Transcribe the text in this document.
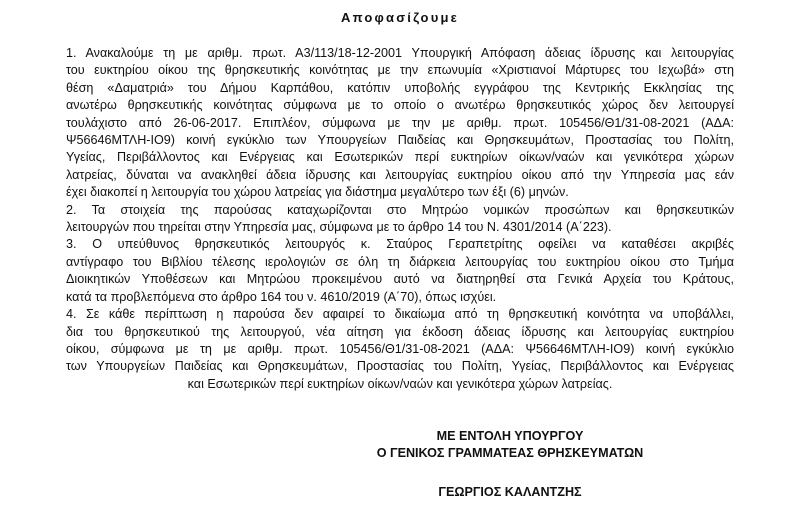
Αποφασίζουμε
1. Ανακαλούμε τη με αριθμ. πρωτ. Α3/113/18-12-2001 Υπουργική Απόφαση άδειας ίδρυσης και λειτουργίας
του ευκτηρίου οίκου της θρησκευτικής κοινότητας με την επωνυμία «Χριστιανοί Μάρτυρες του Ιεχωβά» στη
θέση «Δαματριά» του Δήμου Καρπάθου, κατόπιν υποβολής εγγράφου της Κεντρικής Εκκλησίας της
ανωτέρω θρησκευτικής κοινότητας σύμφωνα με το οποίο ο ανωτέρω θρησκευτικός χώρος δεν λειτουργεί
τουλάχιστο από 26-06-2017. Επιπλέον, σύμφωνα με την με αριθμ. πρωτ. 105456/Θ1/31-08-2021 (ΑΔΑ:
Ψ56646ΜΤΛΗ-ΙΟ9) κοινή εγκύκλιο των Υπουργείων Παιδείας και Θρησκευμάτων, Προστασίας του Πολίτη,
Υγείας, Περιβάλλοντος και Ενέργειας και Εσωτερικών περί ευκτηρίων οίκων/ναών και γενικότερα χώρων
λατρείας, δύναται να ανακληθεί άδεια ίδρυσης και λειτουργίας ευκτηρίου οίκου από την Υπηρεσία μας εάν
έχει διακοπεί η λειτουργία του χώρου λατρείας για διάστημα μεγαλύτερο των έξι (6) μηνών.
2. Τα στοιχεία της παρούσας καταχωρίζονται στο Μητρώο νομικών προσώπων και θρησκευτικών
λειτουργών που τηρείται στην Υπηρεσία μας, σύμφωνα με το άρθρο 14 του Ν. 4301/2014 (Α΄223).
3. Ο υπεύθυνος θρησκευτικός λειτουργός κ. Σταύρος Γεραπετρίτης οφείλει να καταθέσει ακριβές
αντίγραφο του Βιβλίου τέλεσης ιερολογιών σε όλη τη διάρκεια λειτουργίας του ευκτηρίου οίκου στο Τμήμα
Διοικητικών Υποθέσεων και Μητρώου προκειμένου αυτό να διατηρηθεί στα Γενικά Αρχεία του Κράτους,
κατά τα προβλεπόμενα στο άρθρο 164 του ν. 4610/2019 (Α΄70), όπως ισχύει.
4. Σε κάθε περίπτωση η παρούσα δεν αφαιρεί το δικαίωμα από τη θρησκευτική κοινότητα να υποβάλλει,
δια του θρησκευτικού της λειτουργού, νέα αίτηση για έκδοση άδειας ίδρυσης και λειτουργίας ευκτηρίου
οίκου, σύμφωνα με τη με αριθμ. πρωτ. 105456/Θ1/31-08-2021 (ΑΔΑ: Ψ56646ΜΤΛΗ-ΙΟ9) κοινή εγκύκλιο
των Υπουργείων Παιδείας και Θρησκευμάτων, Προστασίας του Πολίτη, Υγείας, Περιβάλλοντος και Ενέργειας
και Εσωτερικών περί ευκτηρίων οίκων/ναών και γενικότερα χώρων λατρείας.
ΜΕ ΕΝΤΟΛΗ ΥΠΟΥΡΓΟΥ
Ο ΓΕΝΙΚΟΣ ΓΡΑΜΜΑΤΕΑΣ ΘΡΗΣΚΕΥΜΑΤΩΝ
ΓΕΩΡΓΙΟΣ ΚΑΛΑΝΤΖΗΣ
